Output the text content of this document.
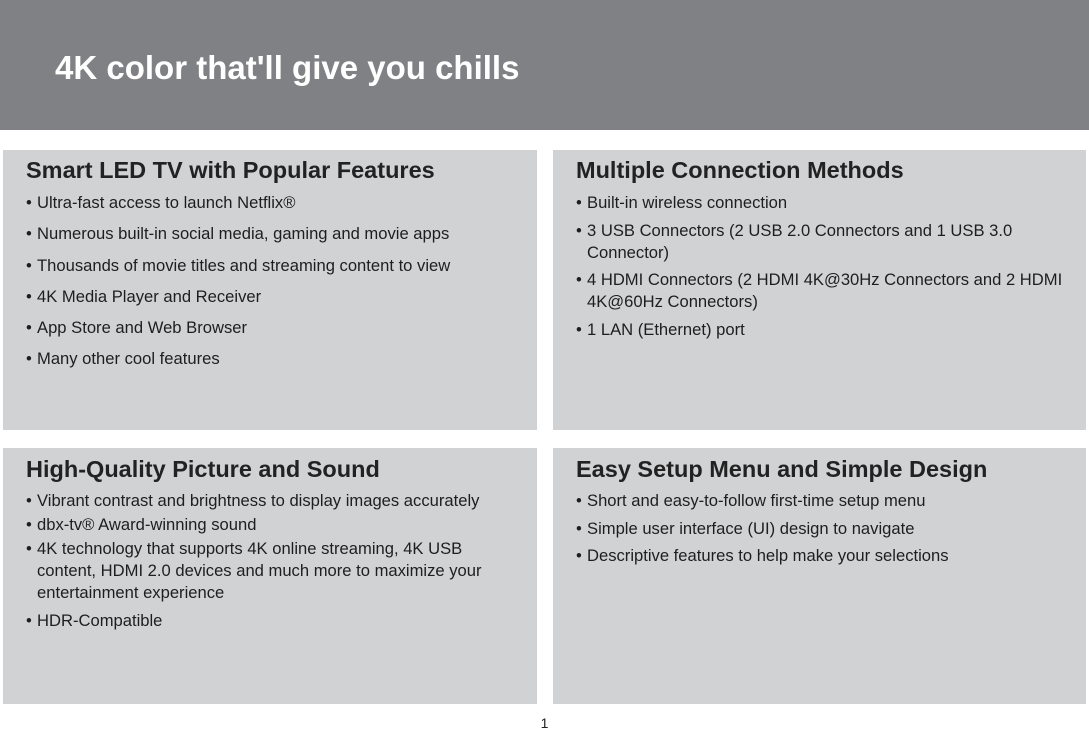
4K color that'll give you chills
Smart LED TV with Popular Features
• Ultra-fast access to launch Netflix®
• Numerous built-in social media, gaming and movie apps
• Thousands of movie titles and streaming content to view
• 4K Media Player and Receiver
• App Store and Web Browser
• Many other cool features
Multiple Connection Methods
• Built-in wireless connection
• 3 USB Connectors (2 USB 2.0 Connectors and 1 USB 3.0 Connector)
• 4 HDMI Connectors (2 HDMI 4K@30Hz Connectors and 2 HDMI 4K@60Hz Connectors)
• 1 LAN (Ethernet) port
High-Quality Picture and Sound
• Vibrant contrast and brightness to display images accurately
• dbx-tv® Award-winning sound
• 4K technology that supports 4K online streaming, 4K USB content, HDMI 2.0 devices and much more to maximize your entertainment experience
• HDR-Compatible
Easy Setup Menu and Simple Design
• Short and easy-to-follow first-time setup menu
• Simple user interface (UI) design to navigate
• Descriptive features to help make your selections
1
